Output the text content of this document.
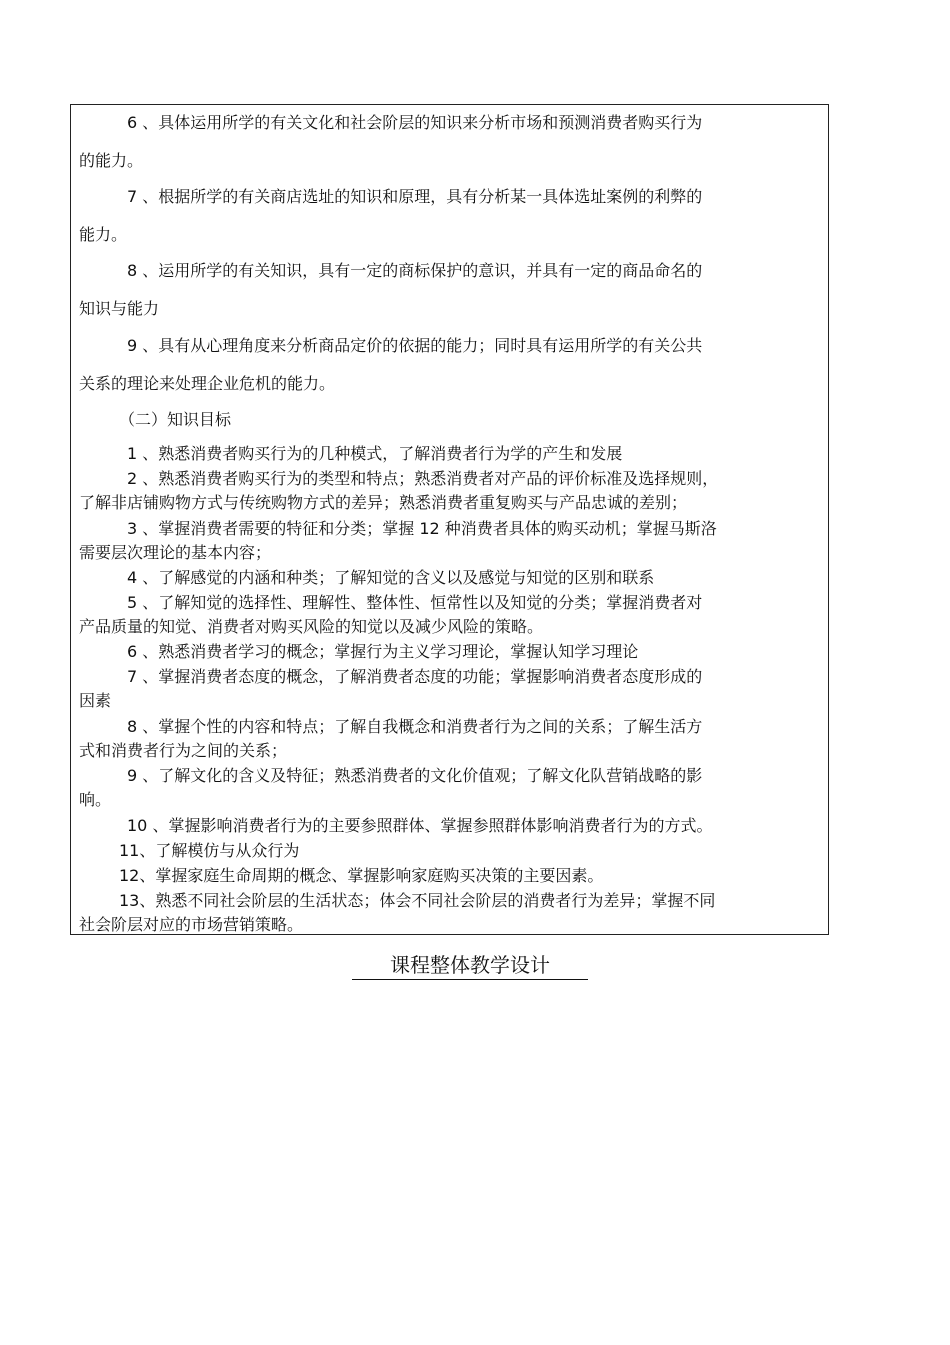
6 、具体运用所学的有关文化和社会阶层的知识来分析市场和预测消费者购买行为
的能力。
7 、根据所学的有关商店选址的知识和原理，具有分析某一具体选址案例的利弊的
能力。
8 、运用所学的有关知识，具有一定的商标保护的意识，并具有一定的商品命名的
知识与能力
9 、具有从心理角度来分析商品定价的依据的能力；同时具有运用所学的有关公共
关系的理论来处理企业危机的能力。
（二）知识目标
1 、熟悉消费者购买行为的几种模式，了解消费者行为学的产生和发展
2 、熟悉消费者购买行为的类型和特点；熟悉消费者对产品的评价标准及选择规则，
了解非店铺购物方式与传统购物方式的差异；熟悉消费者重复购买与产品忠诚的差别；
3 、掌握消费者需要的特征和分类；掌握 12 种消费者具体的购买动机；掌握马斯洛
需要层次理论的基本内容；
4 、了解感觉的内涵和种类；了解知觉的含义以及感觉与知觉的区别和联系
5 、了解知觉的选择性、理解性、整体性、恒常性以及知觉的分类；掌握消费者对
产品质量的知觉、消费者对购买风险的知觉以及减少风险的策略。
6 、熟悉消费者学习的概念；掌握行为主义学习理论，掌握认知学习理论
7 、掌握消费者态度的概念，了解消费者态度的功能；掌握影响消费者态度形成的
因素
8 、掌握个性的内容和特点；了解自我概念和消费者行为之间的关系；了解生活方
式和消费者行为之间的关系；
9 、了解文化的含义及特征；熟悉消费者的文化价值观；了解文化队营销战略的影
响。
10 、掌握影响消费者行为的主要参照群体、掌握参照群体影响消费者行为的方式。
11、了解模仿与从众行为
12、掌握家庭生命周期的概念、掌握影响家庭购买决策的主要因素。
13、熟悉不同社会阶层的生活状态；体会不同社会阶层的消费者行为差异；掌握不同
社会阶层对应的市场营销策略。
课程整体教学设计
